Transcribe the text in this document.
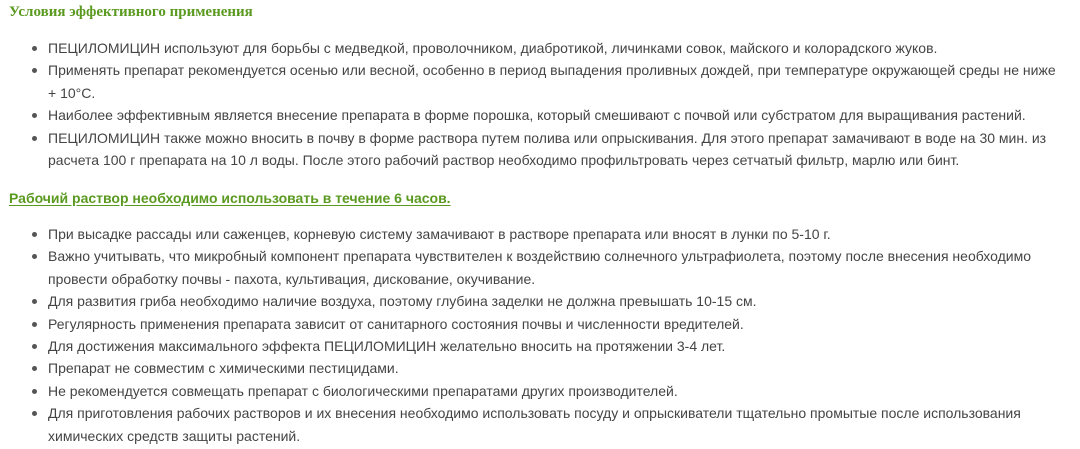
Условия эффективного применения
ПЕЦИЛОМИЦИН используют для борьбы с медведкой, проволочником, диабротикой, личинками совок, майского и колорадского жуков.
Применять препарат рекомендуется осенью или весной, особенно в период выпадения проливных дождей, при температуре окружающей среды не ниже + 10°С.
Наиболее эффективным является внесение препарата в форме порошка, который смешивают с почвой или субстратом для выращивания растений.
ПЕЦИЛОМИЦИН также можно вносить в почву в форме раствора путем полива или опрыскивания. Для этого препарат замачивают в воде на 30 мин. из расчета 100 г препарата на 10 л воды. После этого рабочий раствор необходимо профильтровать через сетчатый фильтр, марлю или бинт.

Рабочий раствор необходимо использовать в течение 6 часов.

При высадке рассады или саженцев, корневую систему замачивают в растворе препарата или вносят в лунки по 5-10 г.
Важно учитывать, что микробный компонент препарата чувствителен к воздействию солнечного ультрафиолета, поэтому после внесения необходимо провести обработку почвы - пахота, культивация, дискование, окучивание.
Для развития гриба необходимо наличие воздуха, поэтому глубина заделки не должна превышать 10-15 см.
Регулярность применения препарата зависит от санитарного состояния почвы и численности вредителей.
Для достижения максимального эффекта ПЕЦИЛОМИЦИН желательно вносить на протяжении 3-4 лет.
Препарат не совместим с химическими пестицидами.
Не рекомендуется совмещать препарат с биологическими препаратами других производителей.
Для приготовления рабочих растворов и их внесения необходимо использовать посуду и опрыскиватели тщательно промытые после использования химических средств защиты растений.
